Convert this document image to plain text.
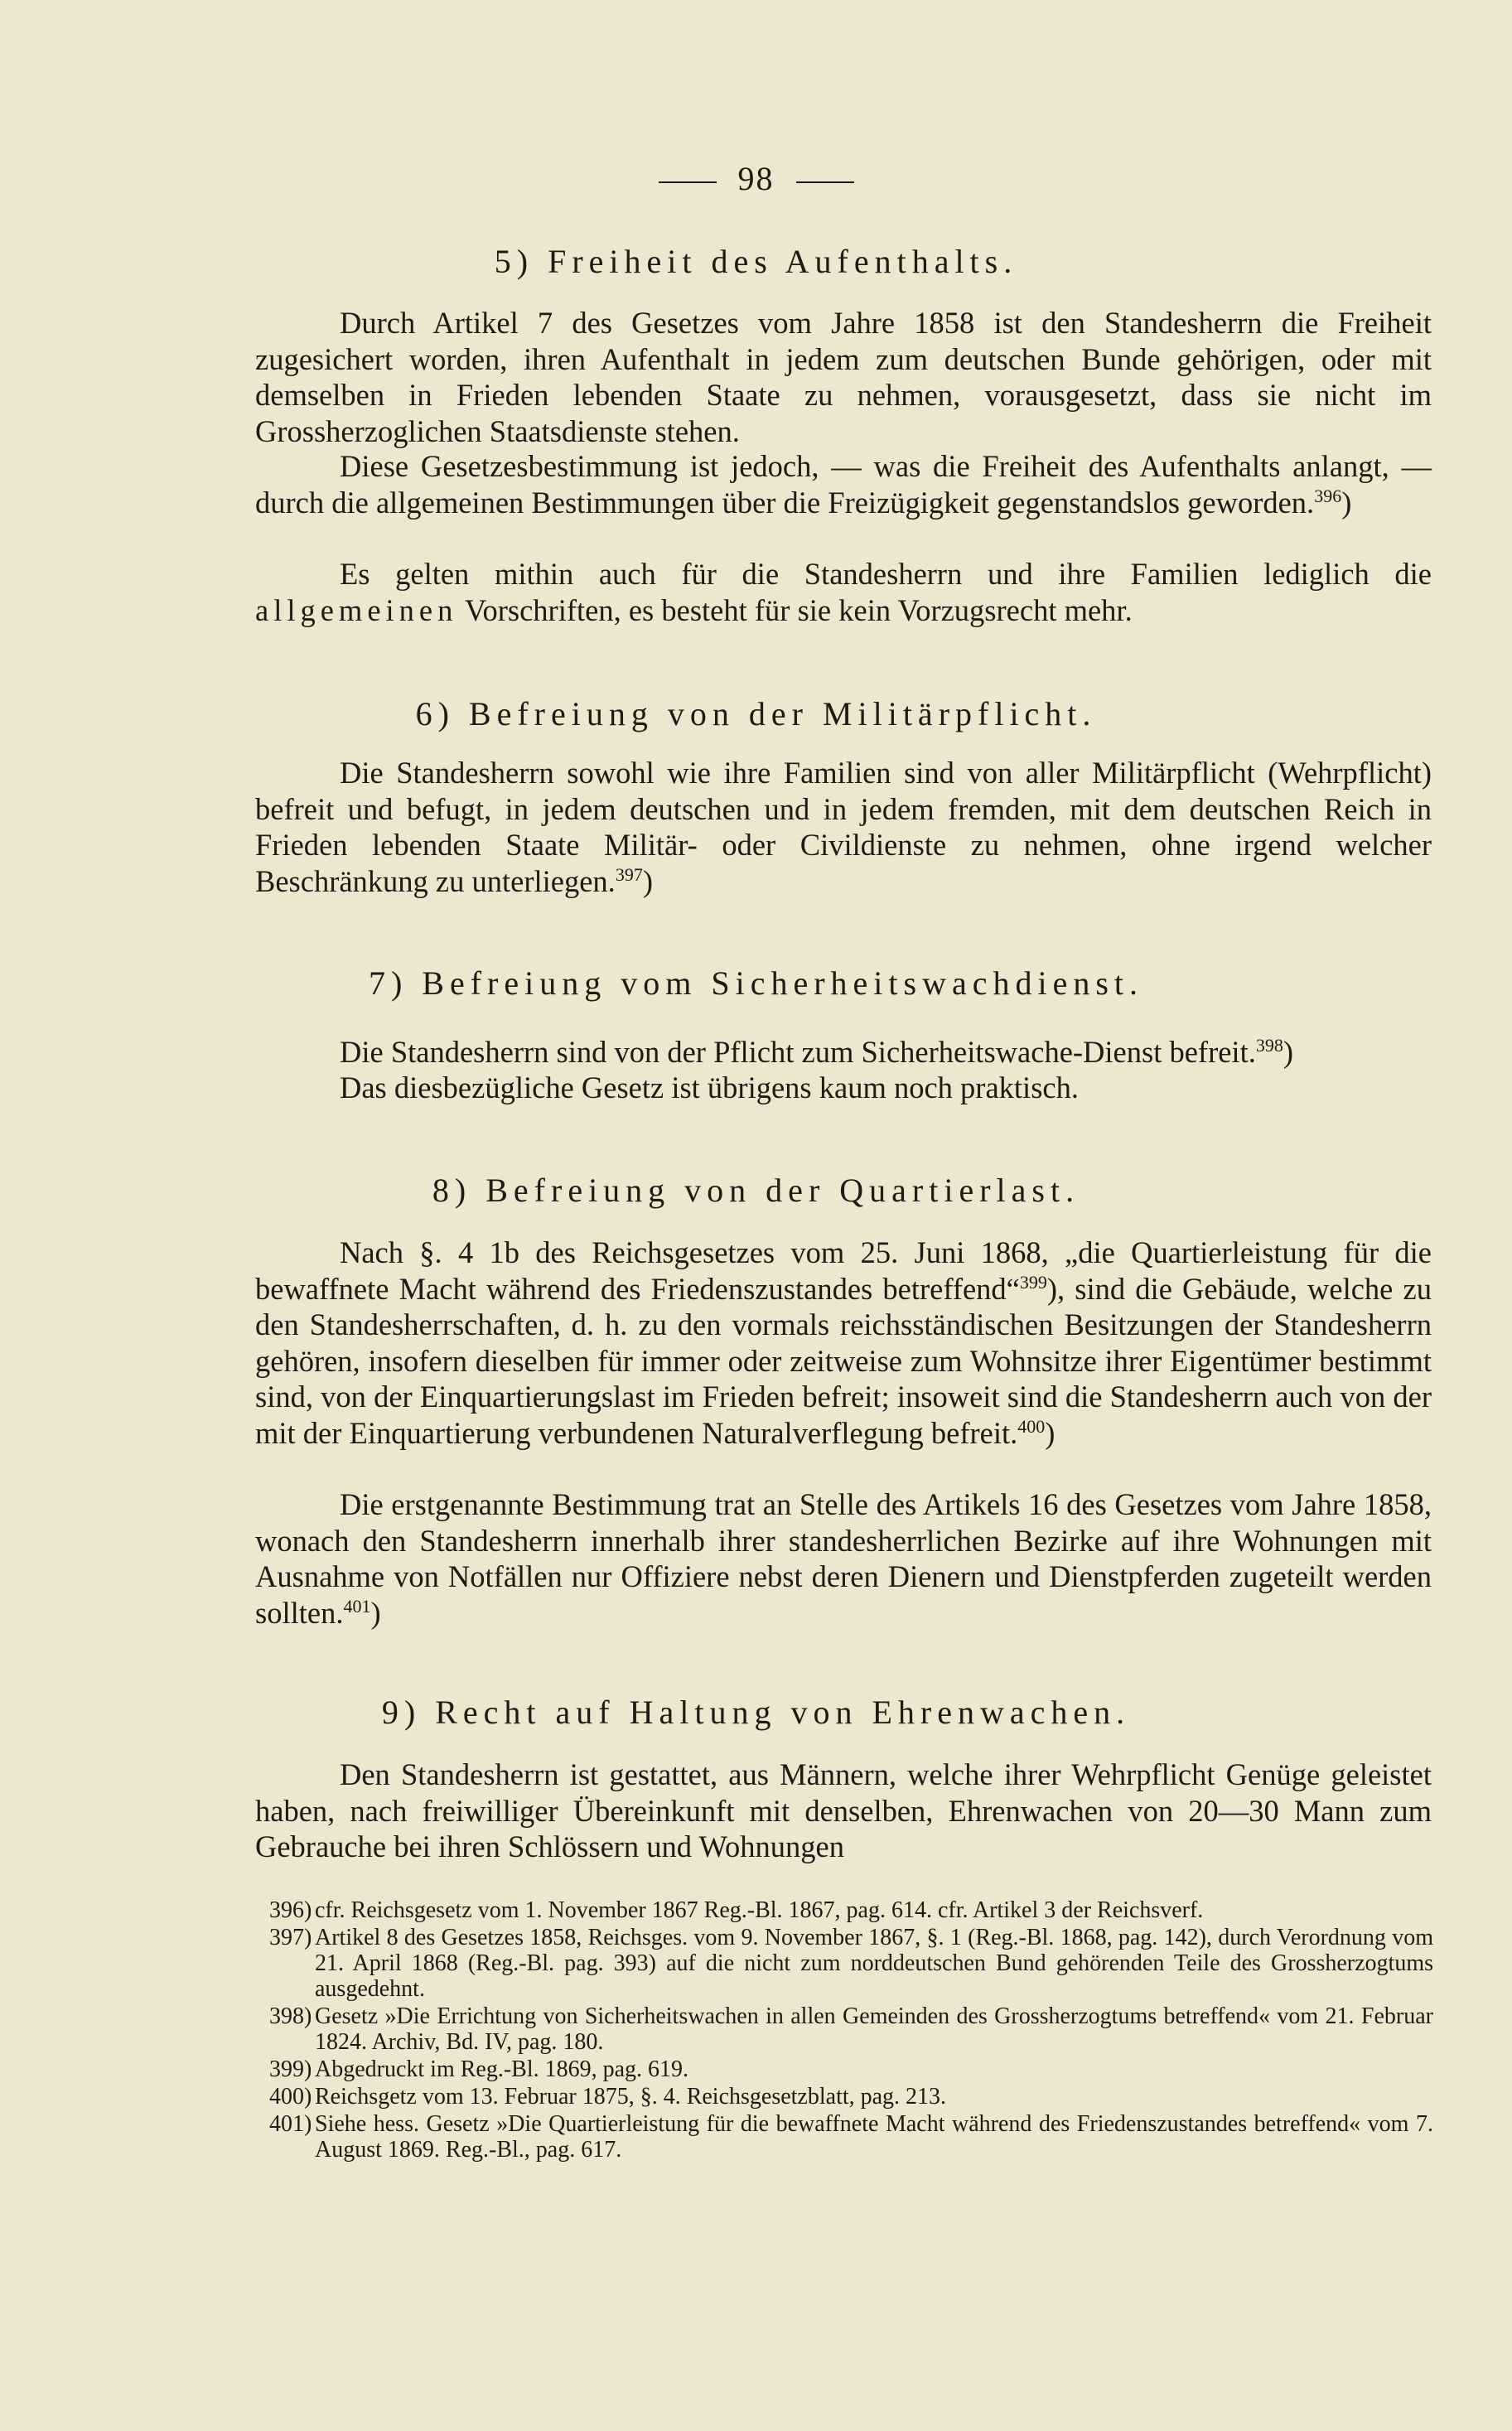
98
5) Freiheit des Aufenthalts.

Durch Artikel 7 des Gesetzes vom Jahre 1858 ist den Standesherrn die Freiheit zugesichert worden, ihren Aufenthalt in jedem zum deutschen Bunde gehörigen, oder mit demselben in Frieden lebenden Staate zu nehmen, vorausgesetzt, dass sie nicht im Grossherzoglichen Staatsdienste stehen.

Diese Gesetzesbestimmung ist jedoch, — was die Freiheit des Aufenthalts anlangt, — durch die allgemeinen Bestimmungen über die Freizügigkeit gegenstandslos geworden.$^{396}$)

Es gelten mithin auch für die Standesherrn und ihre Familien lediglich die allgemeinen Vorschriften, es besteht für sie kein Vorzugsrecht mehr.

6) Befreiung von der Militärpflicht.

Die Standesherrn sowohl wie ihre Familien sind von aller Militärpflicht (Wehrpflicht) befreit und befugt, in jedem deutschen und in jedem fremden, mit dem deutschen Reich in Frieden lebenden Staate Militär- oder Civildienste zu nehmen, ohne irgend welcher Beschränkung zu unterliegen.$^{397}$)

7) Befreiung vom Sicherheitswachdienst.

Die Standesherrn sind von der Pflicht zum Sicherheitswache-Dienst befreit.$^{398}$)

Das diesbezügliche Gesetz ist übrigens kaum noch praktisch.

8) Befreiung von der Quartierlast.

Nach §. 4 1b des Reichsgesetzes vom 25. Juni 1868, „die Quartierleistung für die bewaffnete Macht während des Friedenszustandes betreffend“$^{399}$), sind die Gebäude, welche zu den Standesherrschaften, d. h. zu den vormals reichsständischen Besitzungen der Standesherrn gehören, insofern dieselben für immer oder zeitweise zum Wohnsitze ihrer Eigentümer bestimmt sind, von der Einquartierungslast im Frieden befreit; insoweit sind die Standesherrn auch von der mit der Einquartierung verbundenen Naturalverflegung befreit.$^{400}$)

Die erstgenannte Bestimmung trat an Stelle des Artikels 16 des Gesetzes vom Jahre 1858, wonach den Standesherrn innerhalb ihrer standesherrlichen Bezirke auf ihre Wohnungen mit Ausnahme von Notfällen nur Offiziere nebst deren Dienern und Dienstpferden zugeteilt werden sollten.$^{401}$)

9) Recht auf Haltung von Ehrenwachen.

Den Standesherrn ist gestattet, aus Männern, welche ihrer Wehrpflicht Genüge geleistet haben, nach freiwilliger Übereinkunft mit denselben, Ehrenwachen von 20—30 Mann zum Gebrauche bei ihren Schlössern und Wohnungen

396) cfr. Reichsgesetz vom 1. November 1867 Reg.-Bl. 1867, pag. 614. cfr. Artikel 3 der Reichsverf.

397) Artikel 8 des Gesetzes 1858, Reichsges. vom 9. November 1867, §. 1 (Reg.-Bl. 1868, pag. 142), durch Verordnung vom 21. April 1868 (Reg.-Bl. pag. 393) auf die nicht zum norddeutschen Bund gehörenden Teile des Grossherzogtums ausgedehnt.

398) Gesetz »Die Errichtung von Sicherheitswachen in allen Gemeinden des Grossherzogtums betreffend« vom 21. Februar 1824. Archiv, Bd. IV, pag. 180.

399) Abgedruckt im Reg.-Bl. 1869, pag. 619.

400) Reichsgetz vom 13. Februar 1875, §. 4. Reichsgesetzblatt, pag. 213.

401) Siehe hess. Gesetz »Die Quartierleistung für die bewaffnete Macht während des Friedenszustandes betreffend« vom 7. August 1869. Reg.-Bl., pag. 617.
